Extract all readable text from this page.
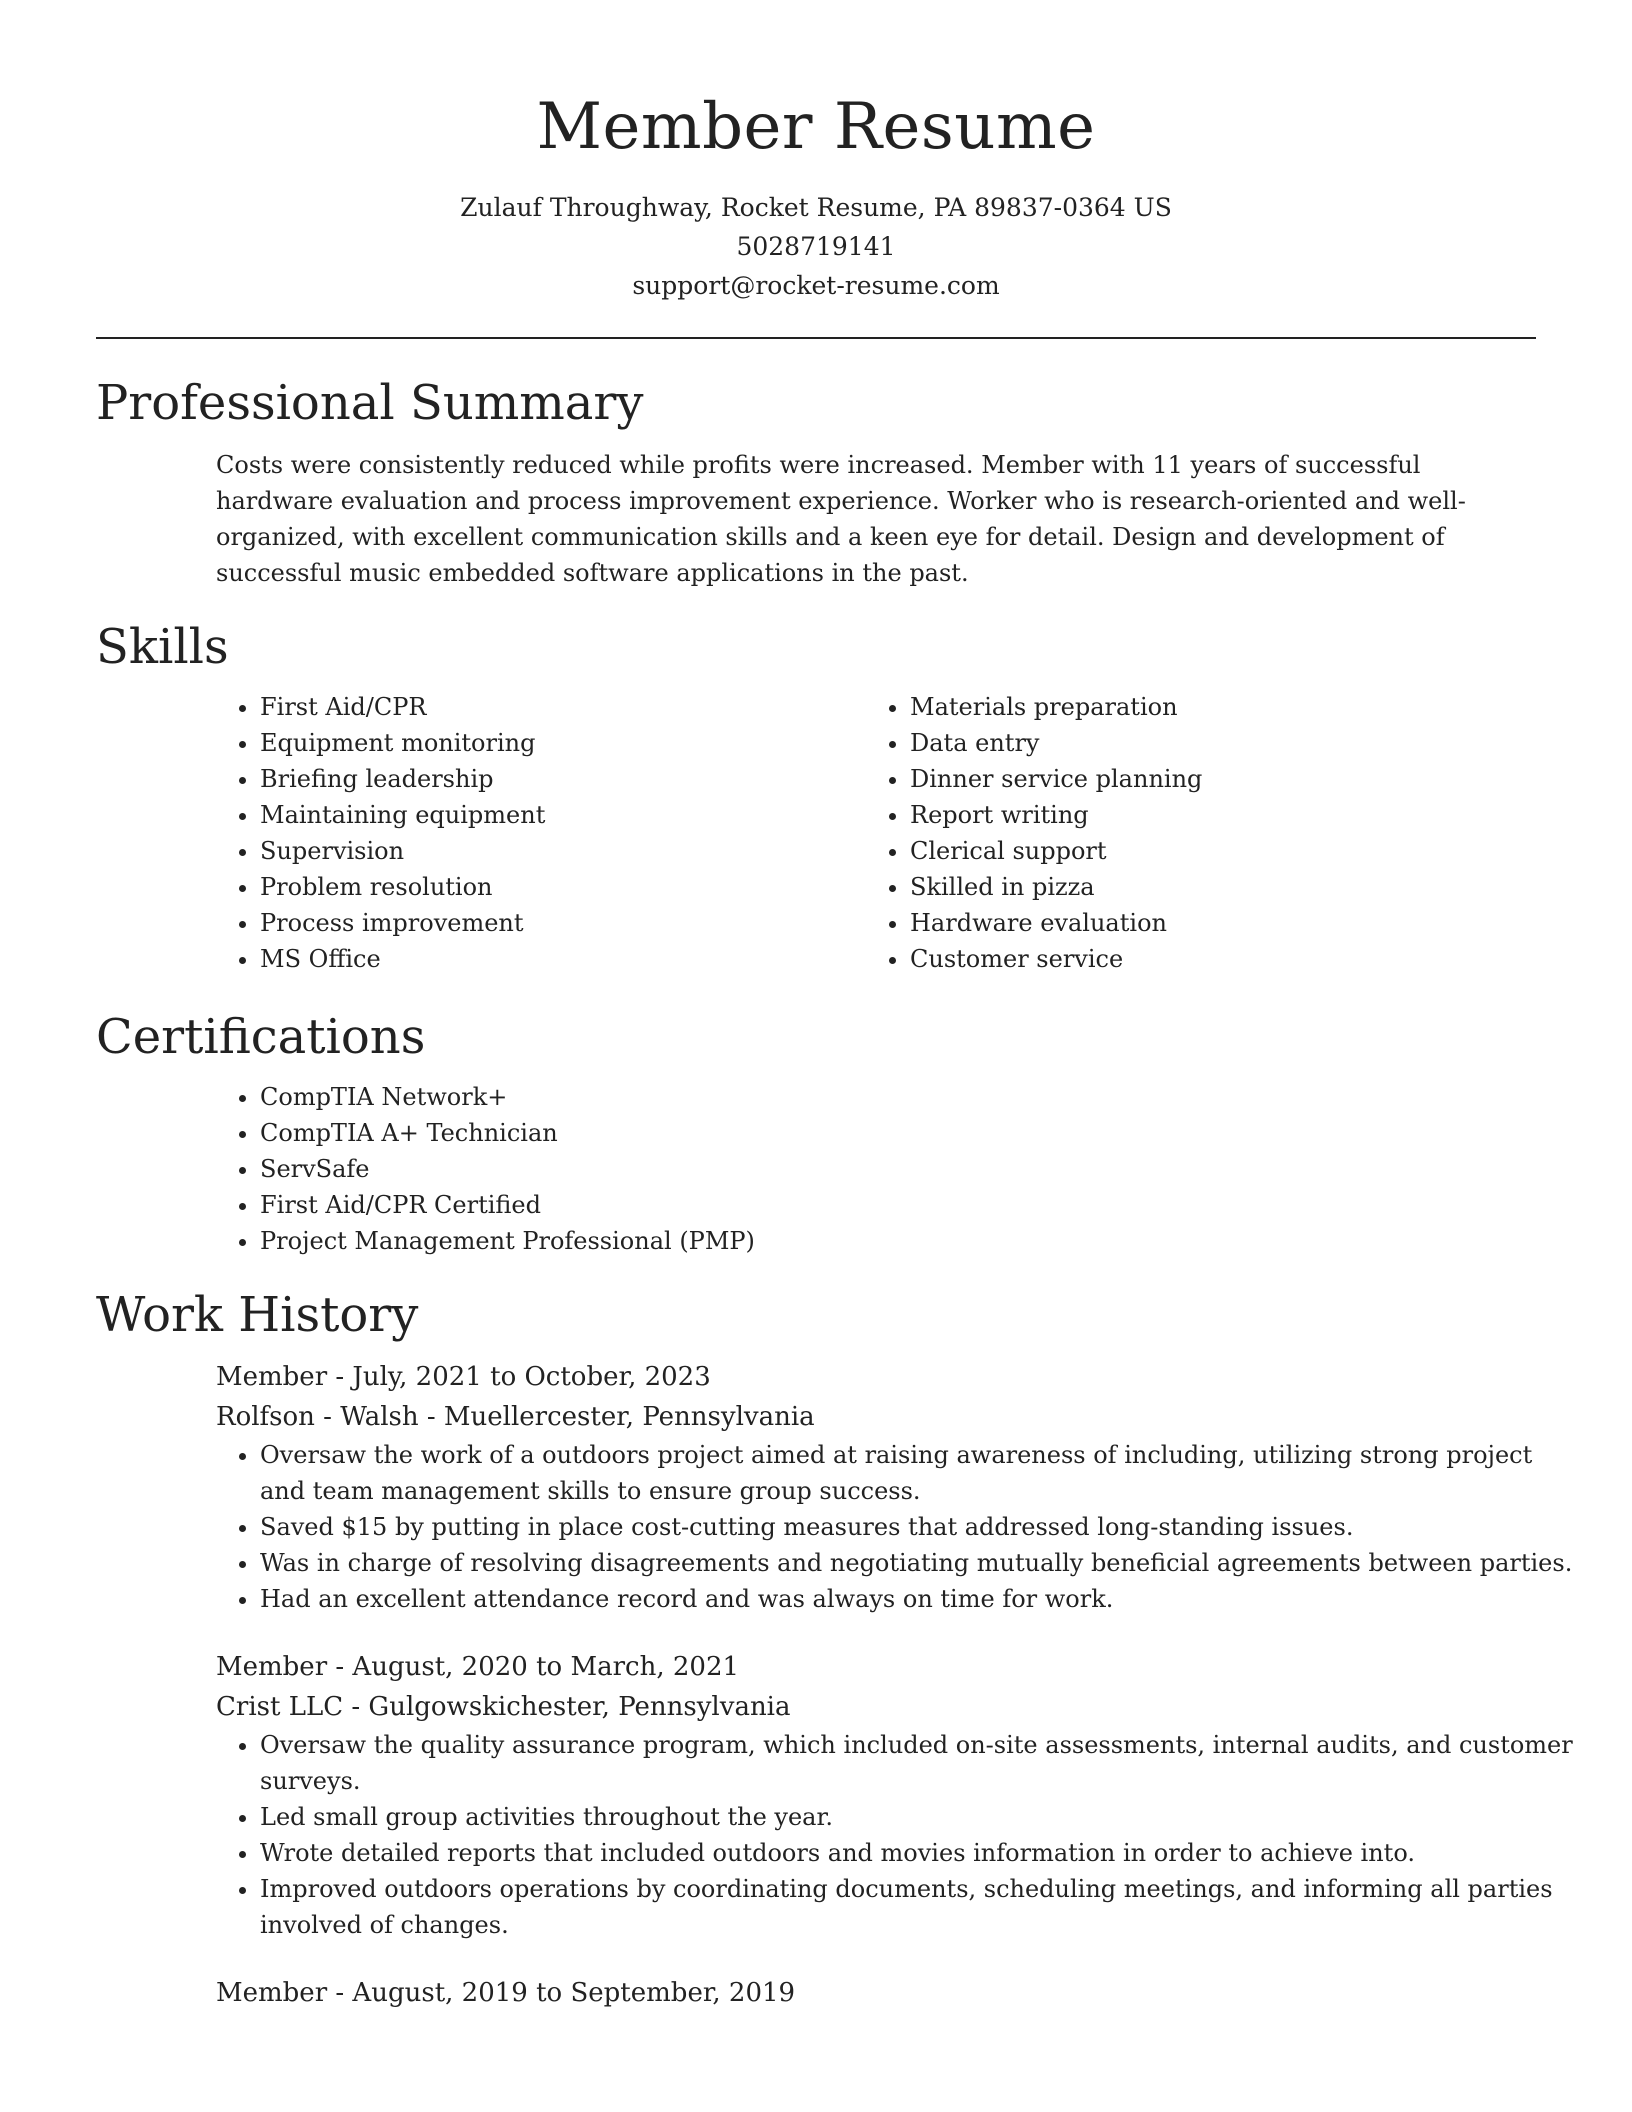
Member Resume

Zulauf Throughway, Rocket Resume, PA 89837-0364 US

5028719141

support@rocket-resume.com

Professional Summary

Costs were consistently reduced while profits were increased. Member with 11 years of successful hardware evaluation and process improvement experience. Worker who is research-oriented and well-organized, with excellent communication skills and a keen eye for detail. Design and development of successful music embedded software applications in the past.

Skills
• First Aid/CPR
• Equipment monitoring
• Briefing leadership
• Maintaining equipment
• Supervision
• Problem resolution
• Process improvement
• MS Office
• Materials preparation
• Data entry
• Dinner service planning
• Report writing
• Clerical support
• Skilled in pizza
• Hardware evaluation
• Customer service
Certifications
• CompTIA Network+
• CompTIA A+ Technician
• ServSafe
• First Aid/CPR Certified
• Project Management Professional (PMP)
Work History

Member - July, 2021 to October, 2023

Rolfson - Walsh - Muellercester, Pennsylvania

• Oversaw the work of a outdoors project aimed at raising awareness of including, utilizing strong project and team management skills to ensure group success.
• Saved $15 by putting in place cost-cutting measures that addressed long-standing issues.
• Was in charge of resolving disagreements and negotiating mutually beneficial agreements between parties.
• Had an excellent attendance record and was always on time for work.

Member - August, 2020 to March, 2021

Crist LLC - Gulgowskichester, Pennsylvania

• Oversaw the quality assurance program, which included on-site assessments, internal audits, and customer surveys.
• Led small group activities throughout the year.
• Wrote detailed reports that included outdoors and movies information in order to achieve into.
• Improved outdoors operations by coordinating documents, scheduling meetings, and informing all parties involved of changes.

Member - August, 2019 to September, 2019
